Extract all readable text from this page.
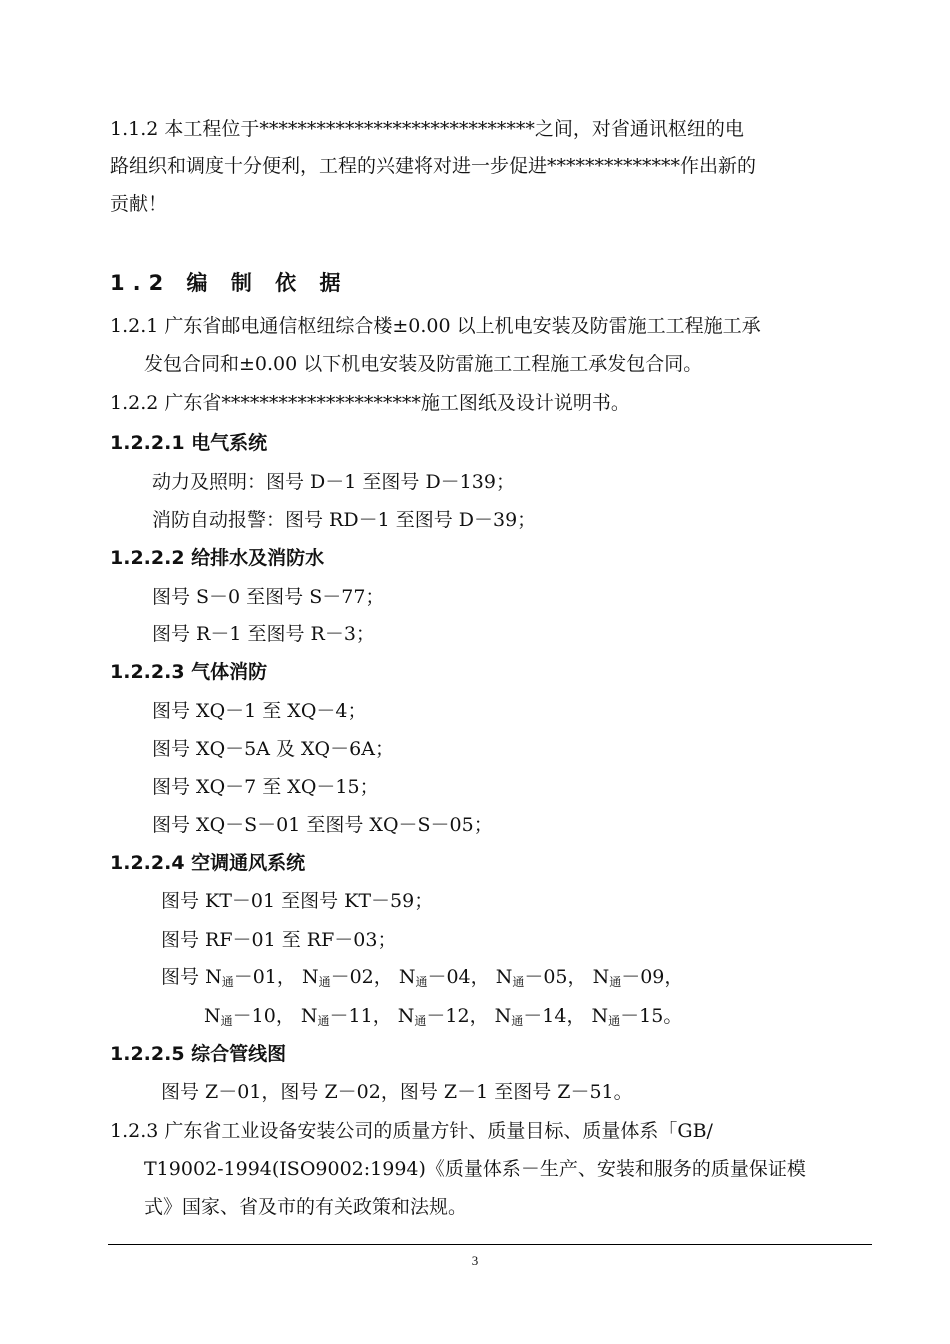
1.1.2 本工程位于*****************************之间，对省通讯枢纽的电
路组织和调度十分便利，工程的兴建将对进一步促进**************作出新的
贡献！
1.2 编 制 依 据
1.2.1 广东省邮电通信枢纽综合楼±0.00 以上机电安装及防雷施工工程施工承
发包合同和±0.00 以下机电安装及防雷施工工程施工承发包合同。
1.2.2 广东省*********************施工图纸及设计说明书。
1.2.2.1 电气系统
动力及照明：图号 D－1 至图号 D－139；
消防自动报警：图号 RD－1 至图号 D－39；
1.2.2.2 给排水及消防水
图号 S－0 至图号 S－77；
图号 R－1 至图号 R－3；
1.2.2.3 气体消防
图号 XQ－1 至 XQ－4；
图号 XQ－5A 及 XQ－6A；
图号 XQ－7 至 XQ－15；
图号 XQ－S－01 至图号 XQ－S－05；
1.2.2.4 空调通风系统
图号 KT－01 至图号 KT－59；
图号 RF－01 至 RF－03；
图号 $N_通-01$， $N_通-02$， $N_通-04$， $N_通-05$， $N_通-09$，
$N_通-10$， $N_通-11$， $N_通-12$， $N_通-14$， $N_通-15$。
1.2.2.5 综合管线图
图号 Z－01，图号 Z－02，图号 Z－1 至图号 Z－51。
1.2.3 广东省工业设备安装公司的质量方针、质量目标、质量体系「GB/
T19002-1994(ISO9002:1994)《质量体系－生产、安装和服务的质量保证模
式》国家、省及市的有关政策和法规。
3
